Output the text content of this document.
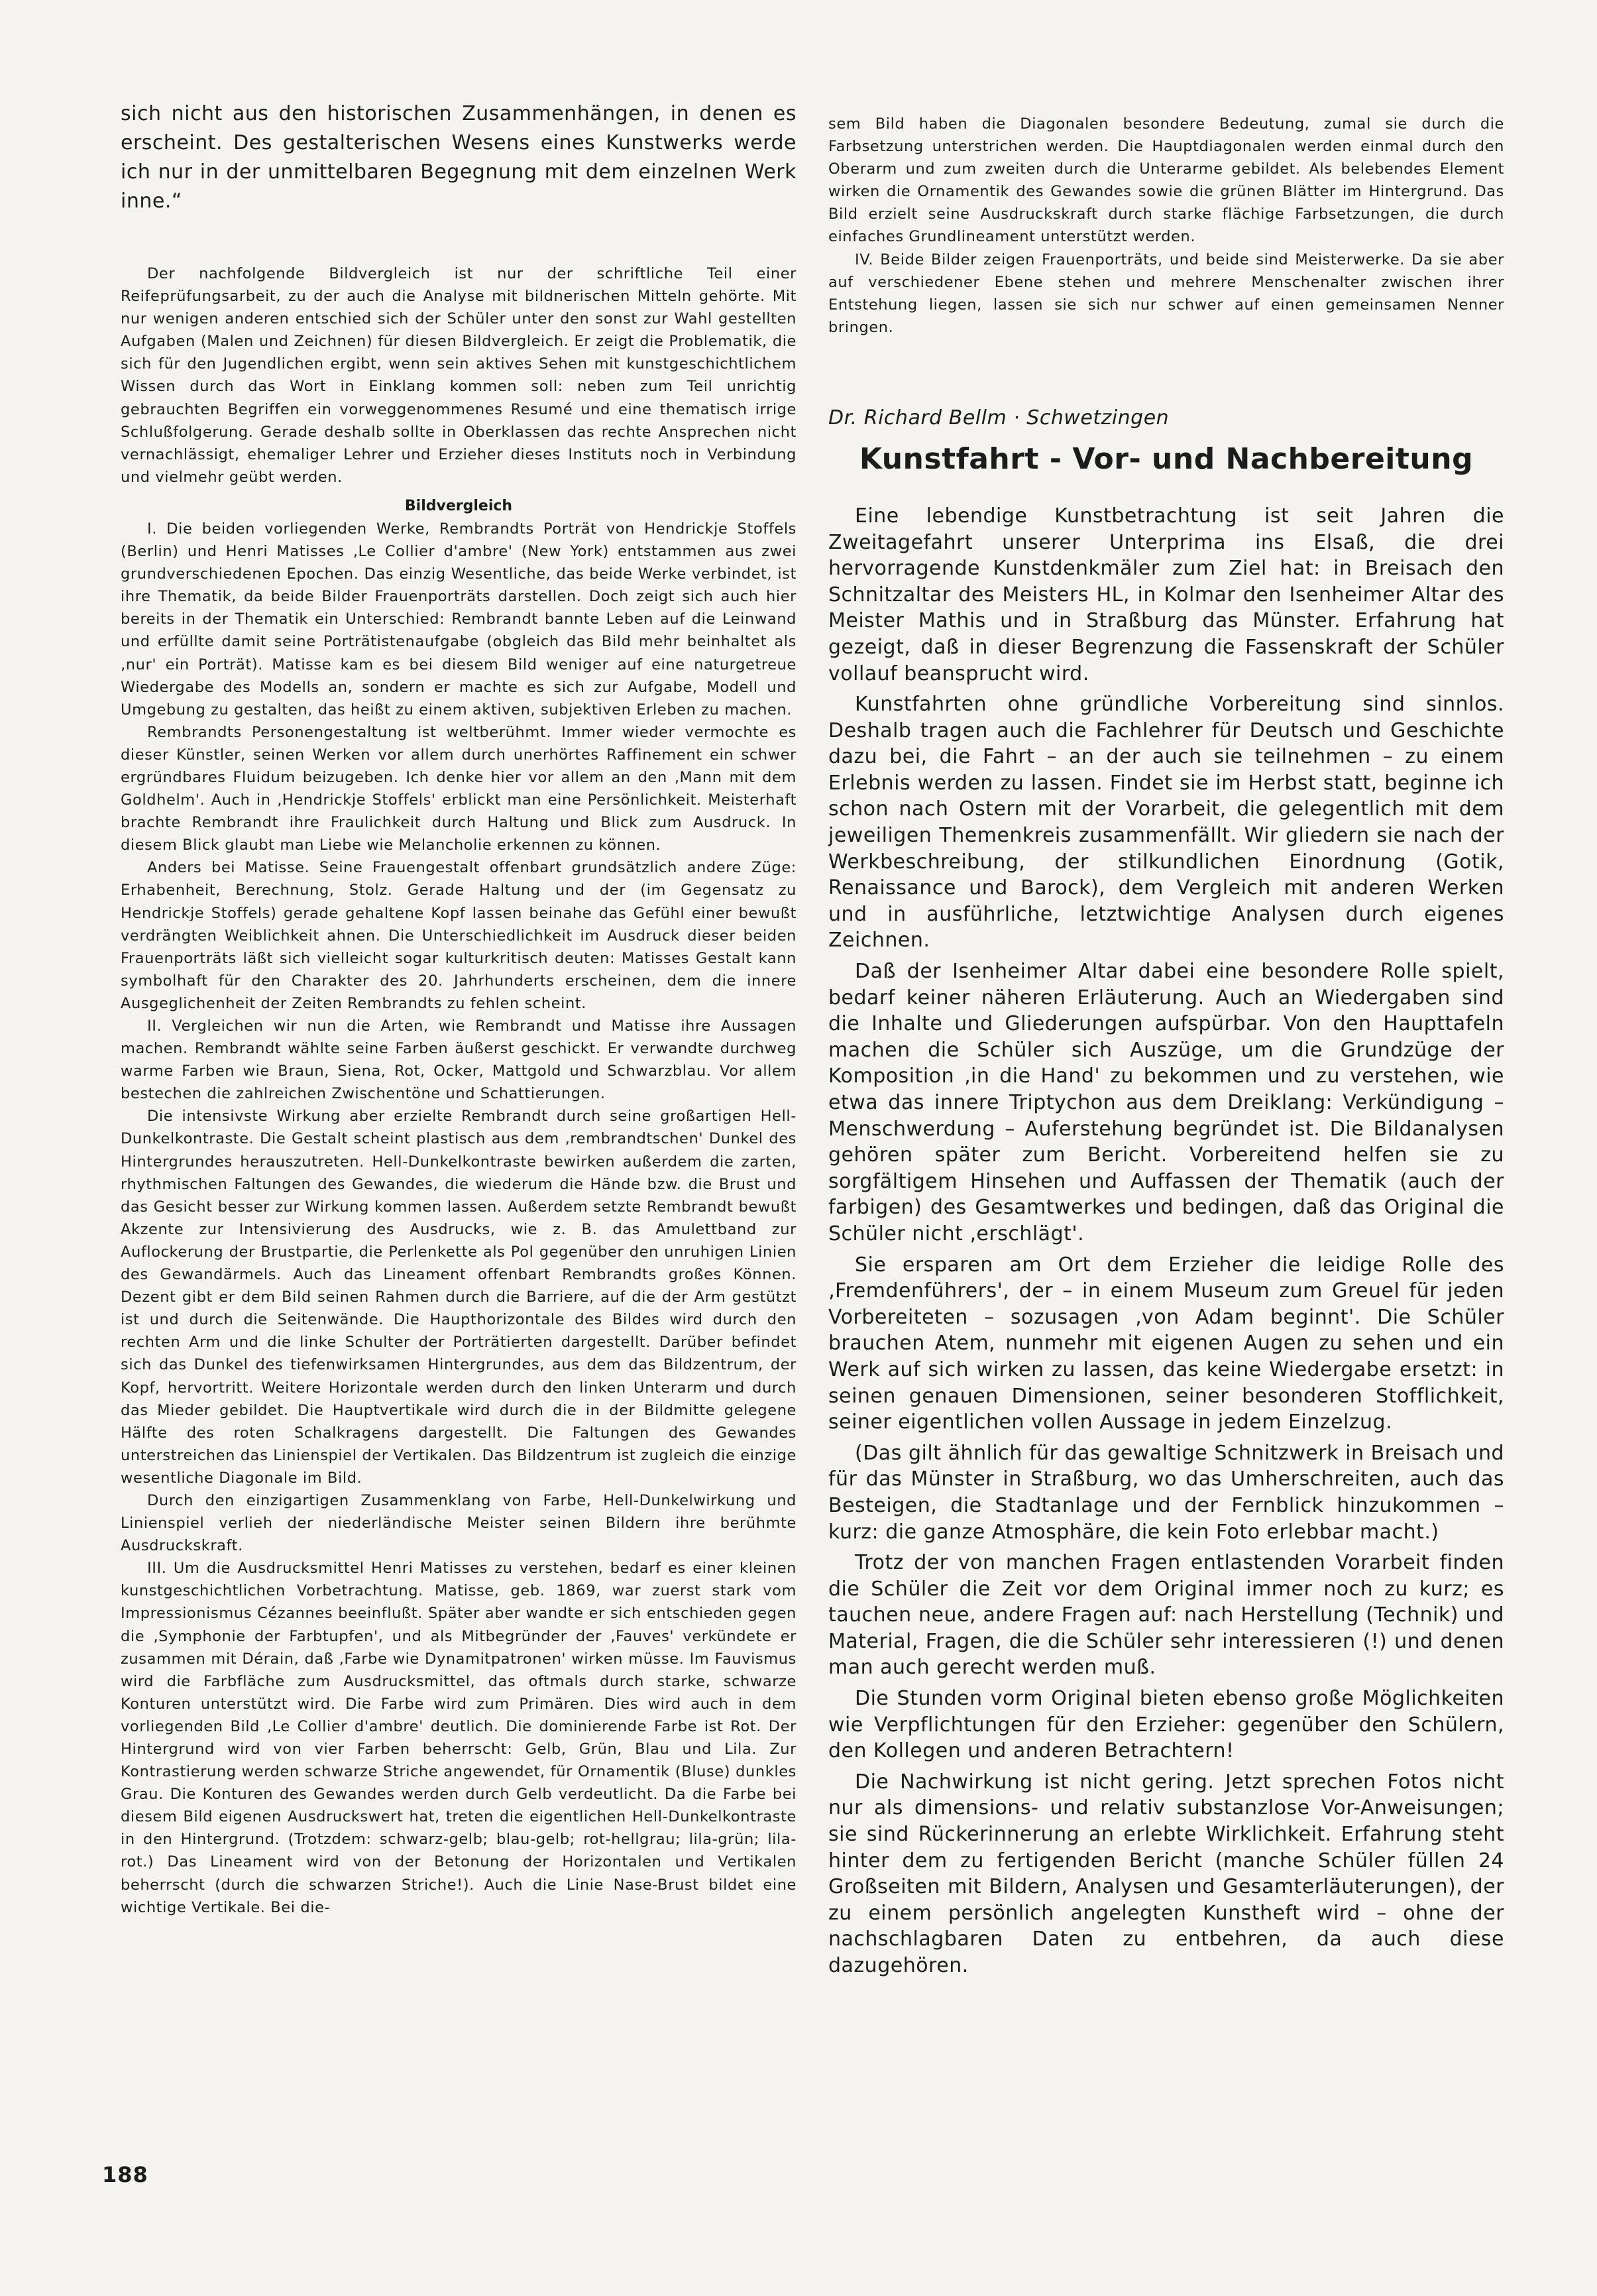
sich nicht aus den historischen Zusammenhängen, in denen es erscheint. Des gestalterischen Wesens eines Kunstwerks werde ich nur in der unmittelbaren Begegnung mit dem einzelnen Werk inne.“

Der nachfolgende Bildvergleich ist nur der schriftliche Teil einer Reifeprüfungsarbeit, zu der auch die Analyse mit bildnerischen Mitteln gehörte. Mit nur wenigen anderen entschied sich der Schüler unter den sonst zur Wahl gestellten Aufgaben (Malen und Zeichnen) für diesen Bildvergleich. Er zeigt die Problematik, die sich für den Jugendlichen ergibt, wenn sein aktives Sehen mit kunstgeschichtlichem Wissen durch das Wort in Einklang kommen soll: neben zum Teil unrichtig gebrauchten Begriffen ein vorweggenommenes Resumé und eine thematisch irrige Schlußfolgerung. Gerade deshalb sollte in Oberklassen das rechte Ansprechen nicht vernachlässigt, ehemaliger Lehrer und Erzieher dieses Instituts noch in Verbindung und vielmehr geübt werden.

Bildvergleich

I. Die beiden vorliegenden Werke, Rembrandts Porträt von Hendrickje Stoffels (Berlin) und Henri Matisses ‚Le Collier d'ambre' (New York) entstammen aus zwei grundverschiedenen Epochen. Das einzig Wesentliche, das beide Werke verbindet, ist ihre Thematik, da beide Bilder Frauenporträts darstellen. Doch zeigt sich auch hier bereits in der Thematik ein Unterschied: Rembrandt bannte Leben auf die Leinwand und erfüllte damit seine Porträtistenaufgabe (obgleich das Bild mehr beinhaltet als ‚nur' ein Porträt). Matisse kam es bei diesem Bild weniger auf eine naturgetreue Wiedergabe des Modells an, sondern er machte es sich zur Aufgabe, Modell und Umgebung zu gestalten, das heißt zu einem aktiven, subjektiven Erleben zu machen.

Rembrandts Personengestaltung ist weltberühmt. Immer wieder vermochte es dieser Künstler, seinen Werken vor allem durch unerhörtes Raffinement ein schwer ergründbares Fluidum beizugeben. Ich denke hier vor allem an den ‚Mann mit dem Goldhelm'. Auch in ‚Hendrickje Stoffels' erblickt man eine Persönlichkeit. Meisterhaft brachte Rembrandt ihre Fraulichkeit durch Haltung und Blick zum Ausdruck. In diesem Blick glaubt man Liebe wie Melancholie erkennen zu können.

Anders bei Matisse. Seine Frauengestalt offenbart grundsätzlich andere Züge: Erhabenheit, Berechnung, Stolz. Gerade Haltung und der (im Gegensatz zu Hendrickje Stoffels) gerade gehaltene Kopf lassen beinahe das Gefühl einer bewußt verdrängten Weiblichkeit ahnen. Die Unterschiedlichkeit im Ausdruck dieser beiden Frauenporträts läßt sich vielleicht sogar kulturkritisch deuten: Matisses Gestalt kann symbolhaft für den Charakter des 20. Jahrhunderts erscheinen, dem die innere Ausgeglichenheit der Zeiten Rembrandts zu fehlen scheint.

II. Vergleichen wir nun die Arten, wie Rembrandt und Matisse ihre Aussagen machen. Rembrandt wählte seine Farben äußerst geschickt. Er verwandte durchweg warme Farben wie Braun, Siena, Rot, Ocker, Mattgold und Schwarzblau. Vor allem bestechen die zahlreichen Zwischentöne und Schattierungen.

Die intensivste Wirkung aber erzielte Rembrandt durch seine großartigen Hell-Dunkelkontraste. Die Gestalt scheint plastisch aus dem ‚rembrandtschen' Dunkel des Hintergrundes herauszutreten. Hell-Dunkelkontraste bewirken außerdem die zarten, rhythmischen Faltungen des Gewandes, die wiederum die Hände bzw. die Brust und das Gesicht besser zur Wirkung kommen lassen. Außerdem setzte Rembrandt bewußt Akzente zur Intensivierung des Ausdrucks, wie z. B. das Amulettband zur Auflockerung der Brustpartie, die Perlenkette als Pol gegenüber den unruhigen Linien des Gewandärmels. Auch das Lineament offenbart Rembrandts großes Können. Dezent gibt er dem Bild seinen Rahmen durch die Barriere, auf die der Arm gestützt ist und durch die Seitenwände. Die Haupthorizontale des Bildes wird durch den rechten Arm und die linke Schulter der Porträtierten dargestellt. Darüber befindet sich das Dunkel des tiefenwirksamen Hintergrundes, aus dem das Bildzentrum, der Kopf, hervortritt. Weitere Horizontale werden durch den linken Unterarm und durch das Mieder gebildet. Die Hauptvertikale wird durch die in der Bildmitte gelegene Hälfte des roten Schalkragens dargestellt. Die Faltungen des Gewandes unterstreichen das Linienspiel der Vertikalen. Das Bildzentrum ist zugleich die einzige wesentliche Diagonale im Bild.

Durch den einzigartigen Zusammenklang von Farbe, Hell-Dunkelwirkung und Linienspiel verlieh der niederländische Meister seinen Bildern ihre berühmte Ausdruckskraft.

III. Um die Ausdrucksmittel Henri Matisses zu verstehen, bedarf es einer kleinen kunstgeschichtlichen Vorbetrachtung. Matisse, geb. 1869, war zuerst stark vom Impressionismus Cézannes beeinflußt. Später aber wandte er sich entschieden gegen die ‚Symphonie der Farbtupfen', und als Mitbegründer der ‚Fauves' verkündete er zusammen mit Dérain, daß ‚Farbe wie Dynamitpatronen' wirken müsse. Im Fauvismus wird die Farbfläche zum Ausdrucksmittel, das oftmals durch starke, schwarze Konturen unterstützt wird. Die Farbe wird zum Primären. Dies wird auch in dem vorliegenden Bild ‚Le Collier d'ambre' deutlich. Die dominierende Farbe ist Rot. Der Hintergrund wird von vier Farben beherrscht: Gelb, Grün, Blau und Lila. Zur Kontrastierung werden schwarze Striche angewendet, für Ornamentik (Bluse) dunkles Grau. Die Konturen des Gewandes werden durch Gelb verdeutlicht. Da die Farbe bei diesem Bild eigenen Ausdruckswert hat, treten die eigentlichen Hell-Dunkelkontraste in den Hintergrund. (Trotzdem: schwarz-gelb; blau-gelb; rot-hellgrau; lila-grün; lila-rot.) Das Lineament wird von der Betonung der Horizontalen und Vertikalen beherrscht (durch die schwarzen Striche!). Auch die Linie Nase-Brust bildet eine wichtige Vertikale. Bei die-

sem Bild haben die Diagonalen besondere Bedeutung, zumal sie durch die Farbsetzung unterstrichen werden. Die Hauptdiagonalen werden einmal durch den Oberarm und zum zweiten durch die Unterarme gebildet. Als belebendes Element wirken die Ornamentik des Gewandes sowie die grünen Blätter im Hintergrund. Das Bild erzielt seine Ausdruckskraft durch starke flächige Farbsetzungen, die durch einfaches Grundlineament unterstützt werden.

IV. Beide Bilder zeigen Frauenporträts, und beide sind Meisterwerke. Da sie aber auf verschiedener Ebene stehen und mehrere Menschenalter zwischen ihrer Entstehung liegen, lassen sie sich nur schwer auf einen gemeinsamen Nenner bringen.

Dr. Richard Bellm · Schwetzingen
Kunstfahrt - Vor- und Nachbereitung

Eine lebendige Kunstbetrachtung ist seit Jahren die Zweitagefahrt unserer Unterprima ins Elsaß, die drei hervorragende Kunstdenkmäler zum Ziel hat: in Breisach den Schnitzaltar des Meisters HL, in Kolmar den Isenheimer Altar des Meister Mathis und in Straßburg das Münster. Erfahrung hat gezeigt, daß in dieser Begrenzung die Fassenskraft der Schüler vollauf beansprucht wird.

Kunstfahrten ohne gründliche Vorbereitung sind sinnlos. Deshalb tragen auch die Fachlehrer für Deutsch und Geschichte dazu bei, die Fahrt – an der auch sie teilnehmen – zu einem Erlebnis werden zu lassen. Findet sie im Herbst statt, beginne ich schon nach Ostern mit der Vorarbeit, die gelegentlich mit dem jeweiligen Themenkreis zusammenfällt. Wir gliedern sie nach der Werkbeschreibung, der stilkundlichen Einordnung (Gotik, Renaissance und Barock), dem Vergleich mit anderen Werken und in ausführliche, letztwichtige Analysen durch eigenes Zeichnen.

Daß der Isenheimer Altar dabei eine besondere Rolle spielt, bedarf keiner näheren Erläuterung. Auch an Wiedergaben sind die Inhalte und Gliederungen aufspürbar. Von den Haupttafeln machen die Schüler sich Auszüge, um die Grundzüge der Komposition ‚in die Hand' zu bekommen und zu verstehen, wie etwa das innere Triptychon aus dem Dreiklang: Verkündigung – Menschwerdung – Auferstehung begründet ist. Die Bildanalysen gehören später zum Bericht. Vorbereitend helfen sie zu sorgfältigem Hinsehen und Auffassen der Thematik (auch der farbigen) des Gesamtwerkes und bedingen, daß das Original die Schüler nicht ‚erschlägt'.

Sie ersparen am Ort dem Erzieher die leidige Rolle des ‚Fremdenführers', der – in einem Museum zum Greuel für jeden Vorbereiteten – sozusagen ‚von Adam beginnt'. Die Schüler brauchen Atem, nunmehr mit eigenen Augen zu sehen und ein Werk auf sich wirken zu lassen, das keine Wiedergabe ersetzt: in seinen genauen Dimensionen, seiner besonderen Stofflichkeit, seiner eigentlichen vollen Aussage in jedem Einzelzug.

(Das gilt ähnlich für das gewaltige Schnitzwerk in Breisach und für das Münster in Straßburg, wo das Umherschreiten, auch das Besteigen, die Stadtanlage und der Fernblick hinzukommen – kurz: die ganze Atmosphäre, die kein Foto erlebbar macht.)

Trotz der von manchen Fragen entlastenden Vorarbeit finden die Schüler die Zeit vor dem Original immer noch zu kurz; es tauchen neue, andere Fragen auf: nach Herstellung (Technik) und Material, Fragen, die die Schüler sehr interessieren (!) und denen man auch gerecht werden muß.

Die Stunden vorm Original bieten ebenso große Möglichkeiten wie Verpflichtungen für den Erzieher: gegenüber den Schülern, den Kollegen und anderen Betrachtern!

Die Nachwirkung ist nicht gering. Jetzt sprechen Fotos nicht nur als dimensions- und relativ substanzlose Vor-Anweisungen; sie sind Rückerinnerung an erlebte Wirklichkeit. Erfahrung steht hinter dem zu fertigenden Bericht (manche Schüler füllen 24 Großseiten mit Bildern, Analysen und Gesamterläuterungen), der zu einem persönlich angelegten Kunstheft wird – ohne der nachschlagbaren Daten zu entbehren, da auch diese dazugehören.

188
